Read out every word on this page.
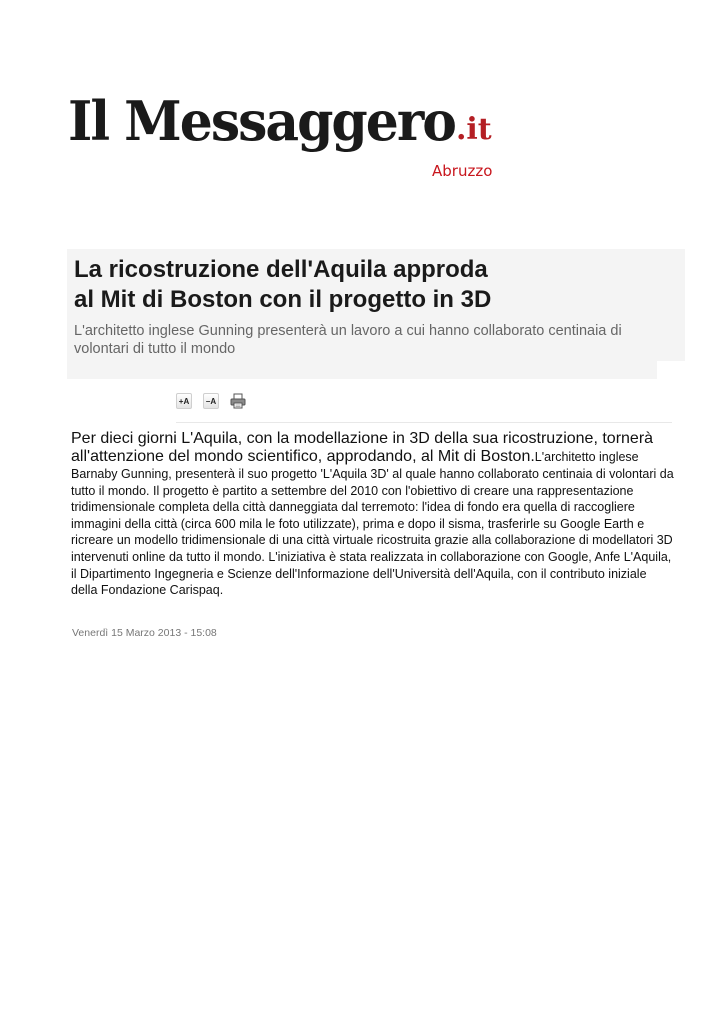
Il Messaggero.it
Abruzzo
La ricostruzione dell'Aquila approda
al Mit di Boston con il progetto in 3D

L'architetto inglese Gunning presenterà un lavoro a cui hanno collaborato centinaia di volontari di tutto il mondo

+A	–A

Per dieci giorni L'Aquila, con la modellazione in 3D della sua ricostruzione, tornerà all'attenzione del mondo scientifico, approdando, al Mit di Boston.L'architetto inglese Barnaby Gunning, presenterà il suo progetto 'L'Aquila 3D' al quale hanno collaborato centinaia di volontari da tutto il mondo. Il progetto è partito a settembre del 2010 con l'obiettivo di creare una rappresentazione tridimensionale completa della città danneggiata dal terremoto: l'idea di fondo era quella di raccogliere immagini della città (circa 600 mila le foto utilizzate), prima e dopo il sisma, trasferirle su Google Earth e ricreare un modello tridimensionale di una città virtuale ricostruita grazie alla collaborazione di modellatori 3D intervenuti online da tutto il mondo. L'iniziativa è stata realizzata in collaborazione con Google, Anfe L'Aquila, il Dipartimento Ingegneria e Scienze dell'Informazione dell'Università dell'Aquila, con il contributo iniziale della Fondazione Carispaq.

Venerdì 15 Marzo 2013 - 15:08
